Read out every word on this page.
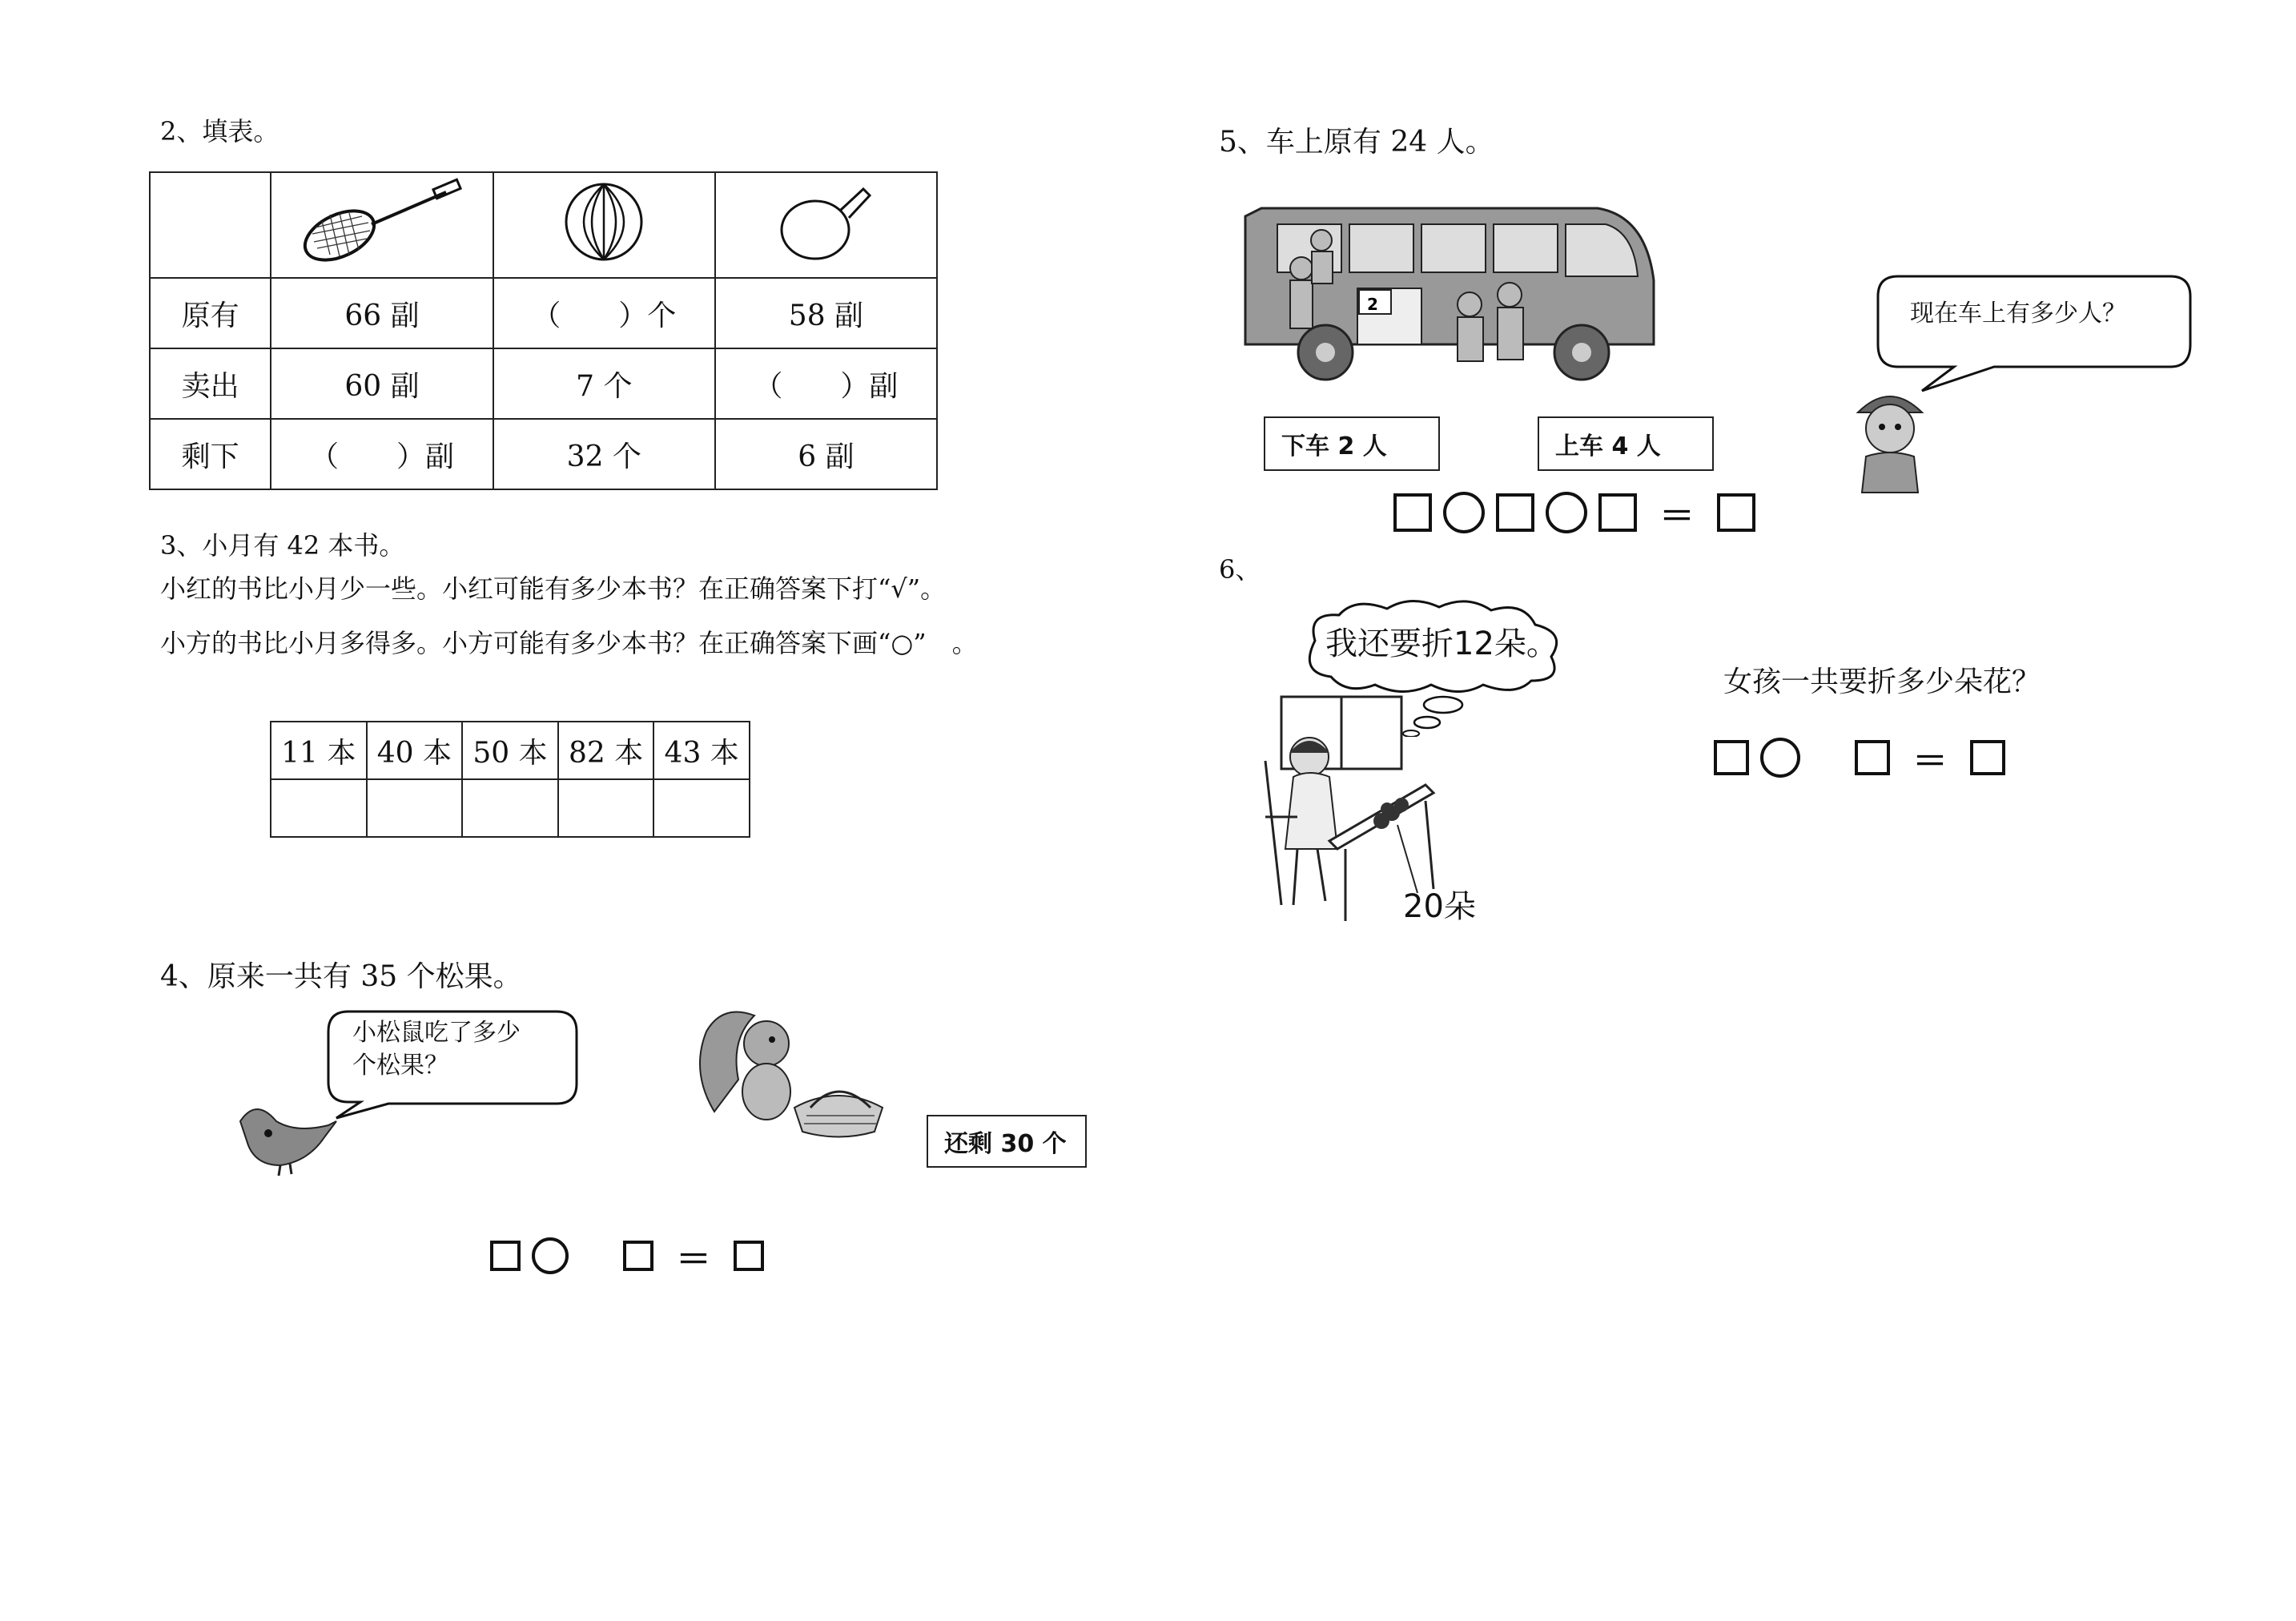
2、填表。

原有	66 副	（　　）个	58 副
卖出	60 副	7 个	（　　）副
剩下	（　　）副	32 个	6 副
3、小月有 42 本书。
小红的书比小月少一些。小红可能有多少本书？在正确答案下打“√”。
小方的书比小月多得多。小方可能有多少本书？在正确答案下画“○”　。
11 本	40 本	50 本	82 本	43 本

4、原来一共有 35 个松果。
小松鼠吃了多少
个松果？
还剩 30 个
＝
5、车上原有 24 人。
2
下车 2 人	上车 4 人
现在车上有多少人？
＝
6、
我还要折12朵。
20朵
女孩一共要折多少朵花？
＝
